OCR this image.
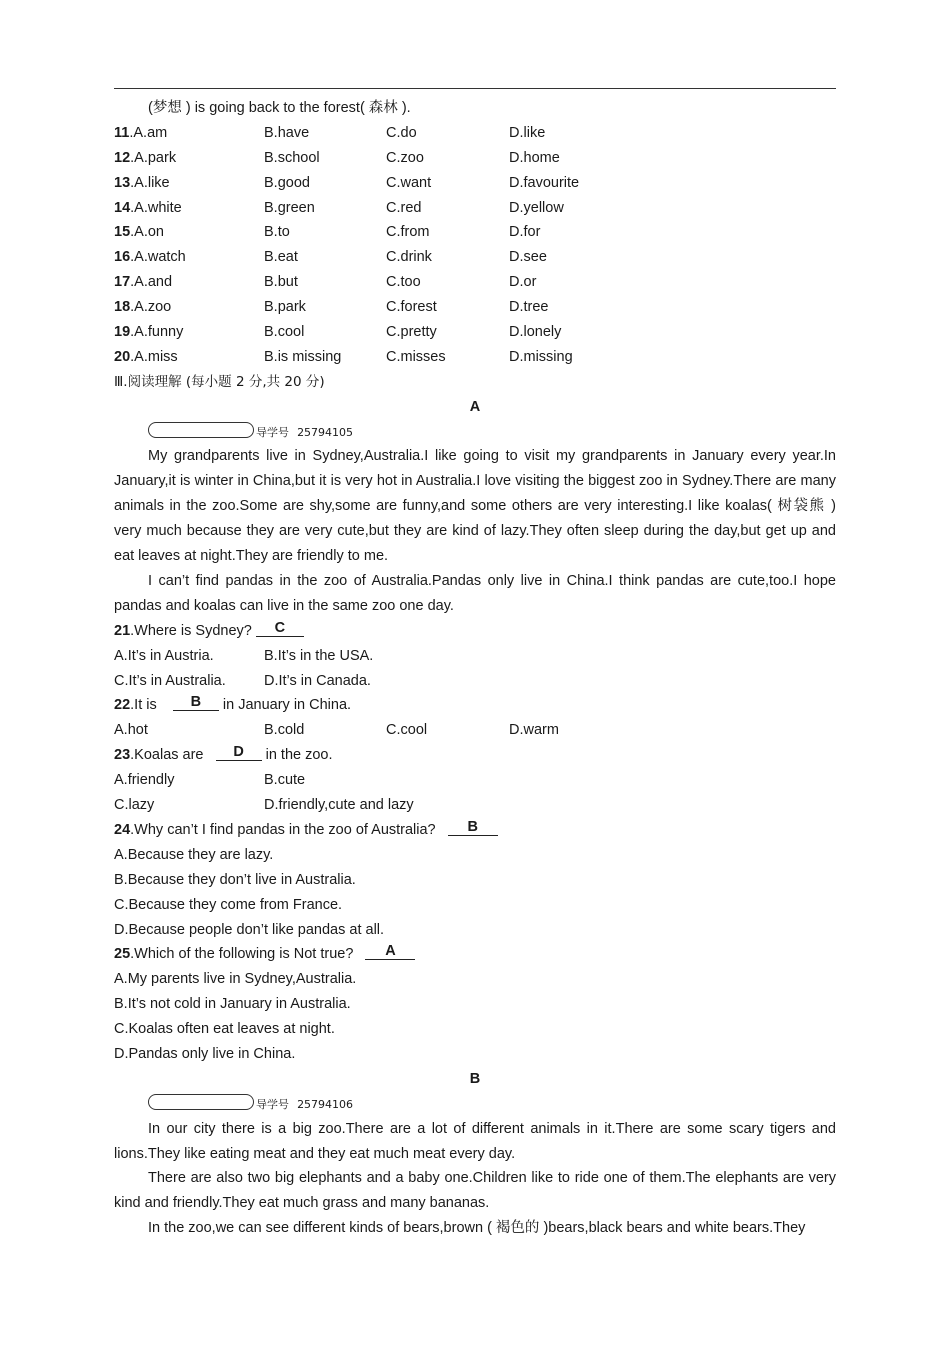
(梦想 ) is going back to the forest( 森林 ).
11.A.am	B.have	C.do	D.like
12.A.park	B.school	C.zoo	D.home
13.A.like	B.good	C.want	D.favourite
14.A.white	B.green	C.red	D.yellow
15.A.on	B.to	C.from	D.for
16.A.watch	B.eat	C.drink	D.see
17.A.and	B.but	C.too	D.or
18.A.zoo	B.park	C.forest	D.tree
19.A.funny	B.cool	C.pretty	D.lonely
20.A.miss	B.is missing	C.misses	D.missing
Ⅲ.阅读理解 (每小题 2 分,共 20 分)
A
导学号 25794105
My grandparents live in Sydney,Australia.I like going to visit my grandparents in January every year.In January,it is winter in China,but it is very hot in Australia.I love visiting the biggest zoo in Sydney.There are many animals in the zoo.Some are shy,some are funny,and some others are very interesting.I like koalas( 树袋熊 ) very much because they are very cute,but they are kind of lazy.They often sleep during the day,but get up and eat leaves at night.They are friendly to me.
I can’t find pandas in the zoo of Australia.Pandas only live in China.I think pandas are cute,too.I hope pandas and koalas can live in the same zoo one day.
21.Where is Sydney? C
A.It’s in Austria.	B.It’s in the USA.
C.It’s in Australia.	D.It’s in Canada.
22.It is    B in January in China.
A.hot	B.cold	C.cool	D.warm
23.Koalas are   D in the zoo.
A.friendly	B.cute
C.lazy	D.friendly,cute and lazy
24.Why can’t I find pandas in the zoo of Australia?   B
A.Because they are lazy.
B.Because they don’t live in Australia.
C.Because they come from France.
D.Because people don’t like pandas at all.
25.Which of the following is Not true?   A
A.My parents live in Sydney,Australia.
B.It’s not cold in January in Australia.
C.Koalas often eat leaves at night.
D.Pandas only live in China.
B
导学号 25794106
In our city there is a big zoo.There are a lot of different animals in it.There are some scary tigers and lions.They like eating meat and they eat much meat every day.
There are also two big elephants and a baby one.Children like to ride one of them.The elephants are very kind and friendly.They eat much grass and many bananas.
In the zoo,we can see different kinds of bears,brown ( 褐色的 )bears,black bears and white bears.They
